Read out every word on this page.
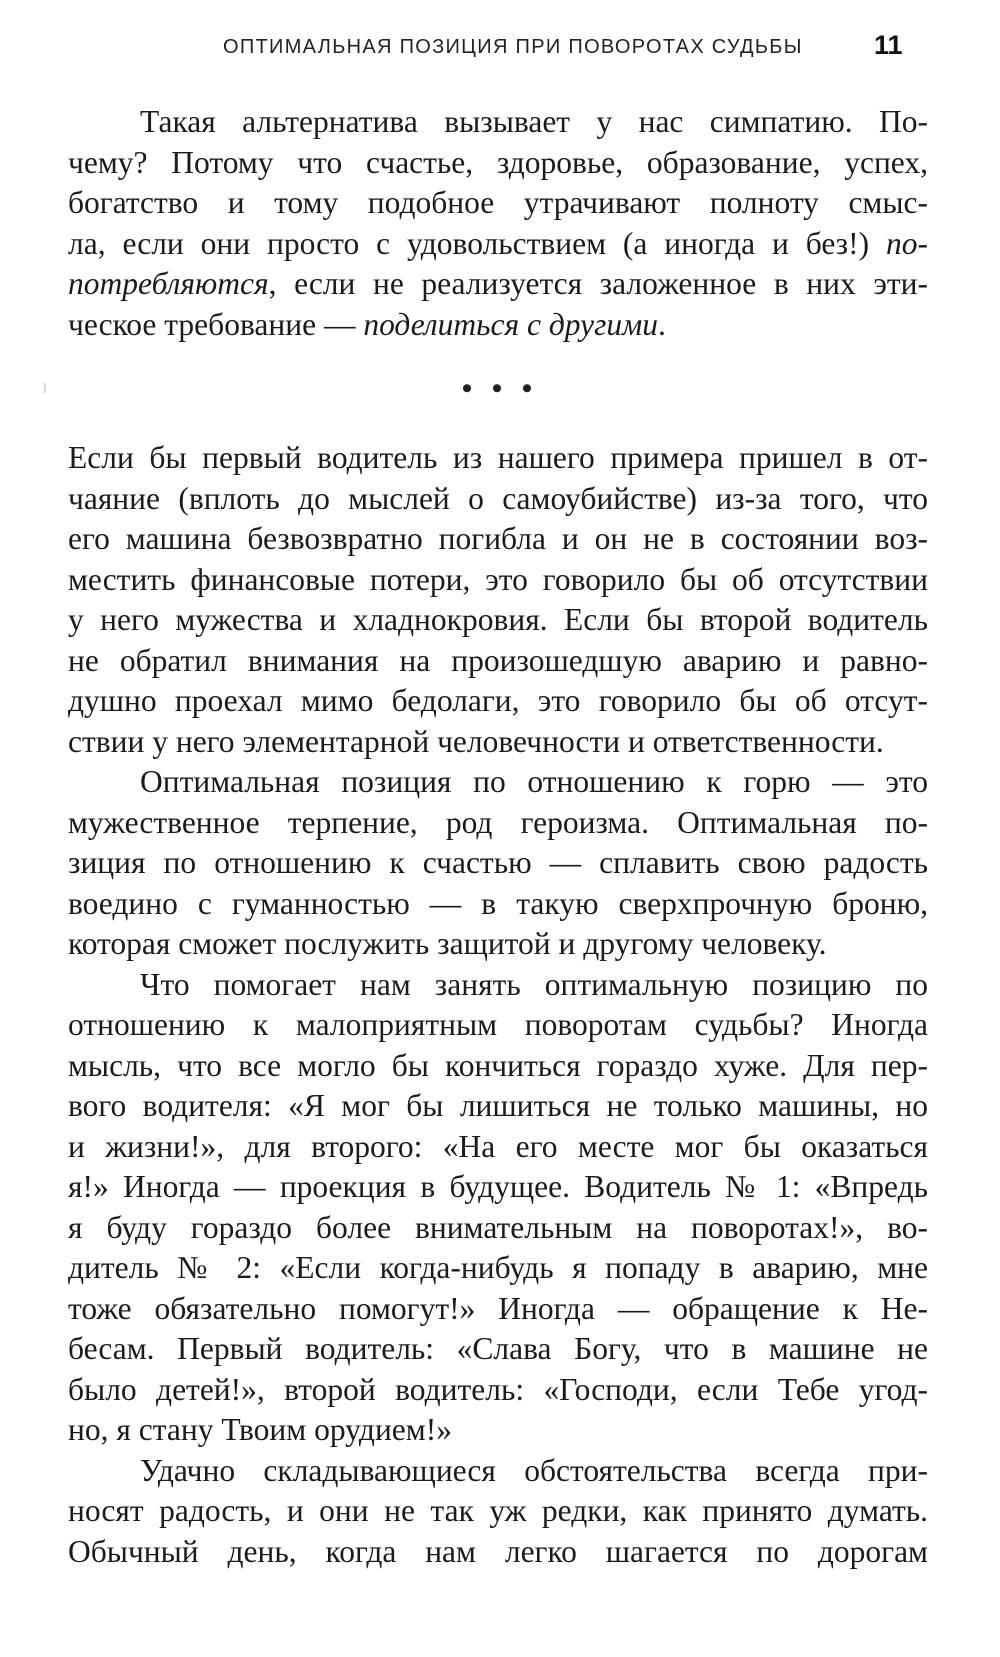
ОПТИМАЛЬНАЯ ПОЗИЦИЯ ПРИ ПОВОРОТАХ СУДЬБЫ	11
Такая альтернатива вызывает у нас симпатию. По-
чему? Потому что счастье, здоровье, образование, успех,
богатство и тому подобное утрачивают полноту смыс-
ла, если они просто с удовольствием (а иногда и без!) по-
потребляются, если не реализуется заложенное в них эти-
ческое требование — поделиться с другими.
• • •
Если бы первый водитель из нашего примера пришел в от-
чаяние (вплоть до мыслей о самоубийстве) из-за того, что
его машина безвозвратно погибла и он не в состоянии воз-
местить финансовые потери, это говорило бы об отсутствии
у него мужества и хладнокровия. Если бы второй водитель
не обратил внимания на произошедшую аварию и равно-
душно проехал мимо бедолаги, это говорило бы об отсут-
ствии у него элементарной человечности и ответственности.
Оптимальная позиция по отношению к горю — это
мужественное терпение, род героизма. Оптимальная по-
зиция по отношению к счастью — сплавить свою радость
воедино с гуманностью — в такую сверхпрочную броню,
которая сможет послужить защитой и другому человеку.
Что помогает нам занять оптимальную позицию по
отношению к малоприятным поворотам судьбы? Иногда
мысль, что все могло бы кончиться гораздо хуже. Для пер-
вого водителя: «Я мог бы лишиться не только машины, но
и жизни!», для второго: «На его месте мог бы оказаться
я!» Иногда — проекция в будущее. Водитель № 1: «Впредь
я буду гораздо более внимательным на поворотах!», во-
дитель № 2: «Если когда-нибудь я попаду в аварию, мне
тоже обязательно помогут!» Иногда — обращение к Не-
бесам. Первый водитель: «Слава Богу, что в машине не
было детей!», второй водитель: «Господи, если Тебе угод-
но, я стану Твоим орудием!»
Удачно складывающиеся обстоятельства всегда при-
носят радость, и они не так уж редки, как принято думать.
Обычный день, когда нам легко шагается по дорогам
